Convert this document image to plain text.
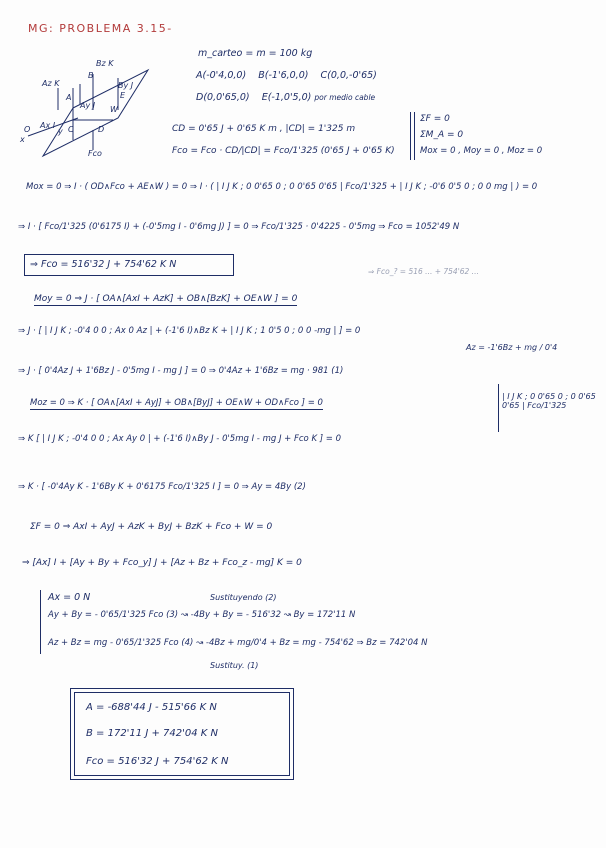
MG: PROBLEMA 3.15-
Bz K
By J
B
E
Az K
A
Ay J
Ax I
W
D
Fco
C
y
O
x
m_carteo = m = 100 kg
A(-0'4,0,0) B(-1'6,0,0) C(0,0,-0'65)
D(0,0'65,0) E(-1,0'5,0) por medio cable
CD = 0'65 J + 0'65 K m , |CD| = 1'325 m
Fco = Fco · CD/|CD| = Fco/1'325 (0'65 J + 0'65 K)
ΣF = 0
ΣM_A = 0
Mox = 0 , Moy = 0 , Moz = 0
Mox = 0 ⇒ I · ( OD∧Fco + AE∧W ) = 0 ⇒ I · ( | I J K ; 0 0'65 0 ; 0 0'65 0'65 | Fco/1'325 + | I J K ; -0'6 0'5 0 ; 0 0 mg | ) = 0
⇒ I · [ Fco/1'325 (0'6175 I) + (-0'5mg I - 0'6mg J) ] = 0 ⇒ Fco/1'325 · 0'4225 - 0'5mg ⇒ Fco = 1052'49 N
⇒ Fco = 516'32 J + 754'62 K N
⇒ Fco_? = 516 ... + 754'62 ...
Moy = 0 ⇒ J · [ OA∧[AxI + AzK] + OB∧[BzK] + OE∧W ] = 0
⇒ J · [ | I J K ; -0'4 0 0 ; Ax 0 Az | + (-1'6 I)∧Bz K + | I J K ; 1 0'5 0 ; 0 0 -mg | ] = 0
Az = -1'6Bz + mg / 0'4
⇒ J · [ 0'4Az J + 1'6Bz J - 0'5mg I - mg J ] = 0 ⇒ 0'4Az + 1'6Bz = mg · 981 (1)
Moz = 0 ⇒ K · [ OA∧[AxI + AyJ] + OB∧[ByJ] + OE∧W + OD∧Fco ] = 0
| I J K ; 0 0'65 0 ; 0 0'65 0'65 | Fco/1'325
⇒ K [ | I J K ; -0'4 0 0 ; Ax Ay 0 | + (-1'6 I)∧By J - 0'5mg I - mg J + Fco K ] = 0
⇒ K · [ -0'4Ay K - 1'6By K + 0'6175 Fco/1'325 I ] = 0 ⇒ Ay = 4By (2)
ΣF = 0 ⇒ AxI + AyJ + AzK + ByJ + BzK + Fco + W = 0
⇒ [Ax] I + [Ay + By + Fco_y] J + [Az + Bz + Fco_z - mg] K = 0
Ax = 0 N	Sustituyendo (2)
Ay + By = - 0'65/1'325 Fco (3) ↝ -4By + By = - 516'32 ↝ By = 172'11 N
Az + Bz = mg - 0'65/1'325 Fco (4) ↝ -4Bz + mg/0'4 + Bz = mg - 754'62 ⇒ Bz = 742'04 N
Sustituy. (1)
A = -688'44 J - 515'66 K N
B = 172'11 J + 742'04 K N
Fco = 516'32 J + 754'62 K N
